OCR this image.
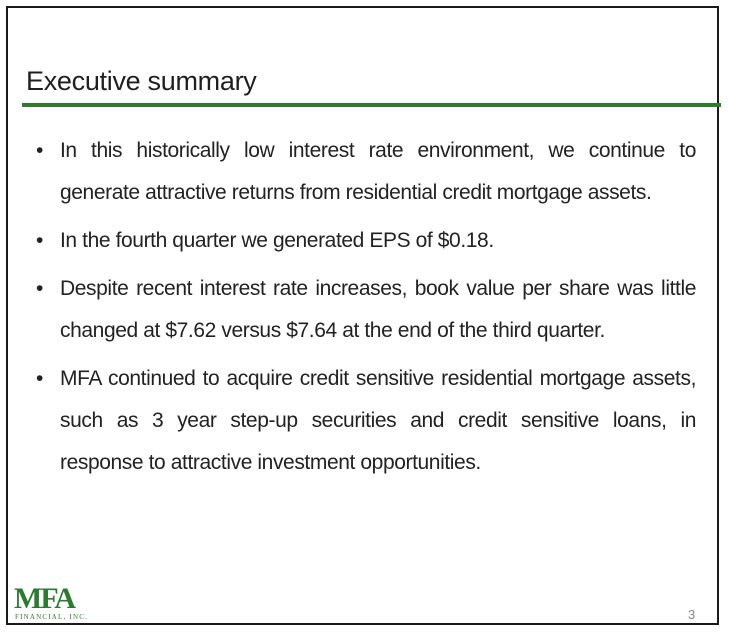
Executive summary
• In this historically low interest rate environment, we continue to generate attractive returns from residential credit mortgage assets.
• In the fourth quarter we generated EPS of $0.18.
• Despite recent interest rate increases, book value per share was little changed at $7.62 versus $7.64 at the end of the third quarter.
• MFA continued to acquire credit sensitive residential mortgage assets, such as 3 year step-up securities and credit sensitive loans, in response to attractive investment opportunities.
3
MFA
FINANCIAL, INC.
